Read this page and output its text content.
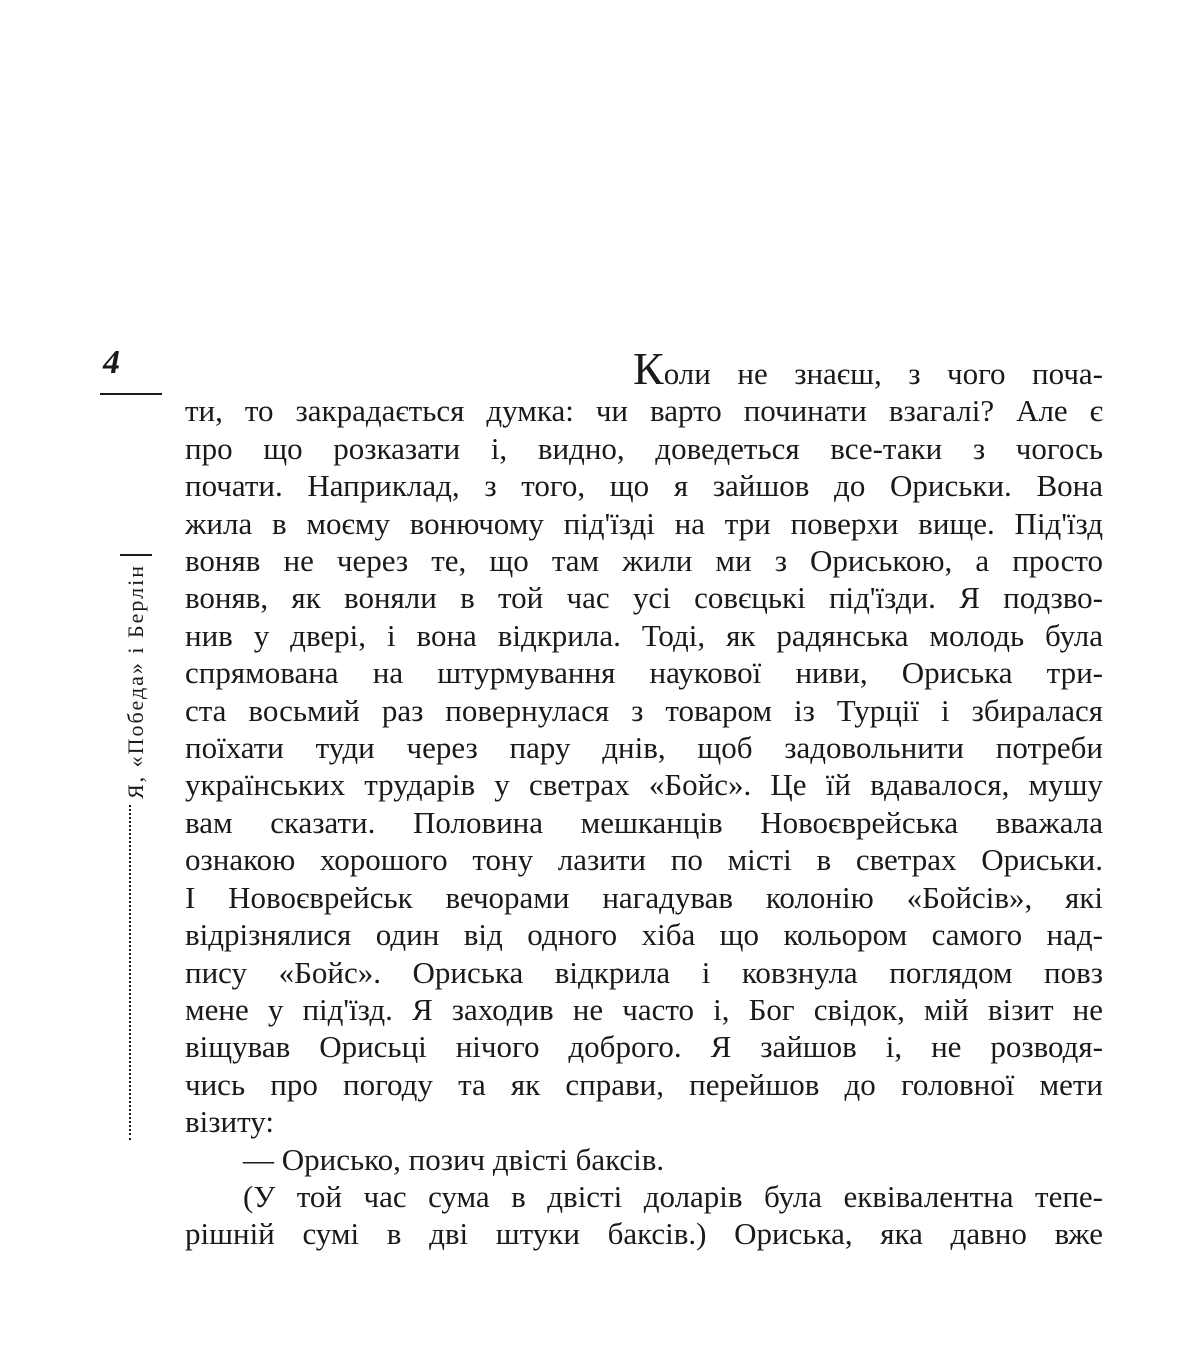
4
Я, «Победа» і Берлін
Коли не знаєш, з чого поча-
ти, то закрадається думка: чи варто починати взагалі? Але є
про що розказати і, видно, доведеться все-таки з чогось
почати. Наприклад, з того, що я зайшов до Ориськи. Вона
жила в моєму вонючому під'їзді на три поверхи вище. Під'їзд
воняв не через те, що там жили ми з Ориською, а просто
воняв, як воняли в той час усі совєцькі під'їзди. Я подзво-
нив у двері, і вона відкрила. Тоді, як радянська молодь була
спрямована на штурмування наукової ниви, Ориська три-
ста восьмий раз повернулася з товаром із Турції і збиралася
поїхати туди через пару днів, щоб задовольнити потреби
українських трударів у светрах «Бойс». Це їй вдавалося, мушу
вам сказати. Половина мешканців Новоєврейська вважала
ознакою хорошого тону лазити по місті в светрах Ориськи.
І Новоєврейськ вечорами нагадував колонію «Бойсів», які
відрізнялися один від одного хіба що кольором самого над-
пису «Бойс». Ориська відкрила і ковзнула поглядом повз
мене у під'їзд. Я заходив не часто і, Бог свідок, мій візит не
віщував Орисьці нічого доброго. Я зайшов і, не розводя-
чись про погоду та як справи, перейшов до головної мети
візиту:
— Орисько, позич двісті баксів.
(У той час сума в двісті доларів була еквівалентна тепе-
рішній сумі в дві штуки баксів.) Ориська, яка давно вже
